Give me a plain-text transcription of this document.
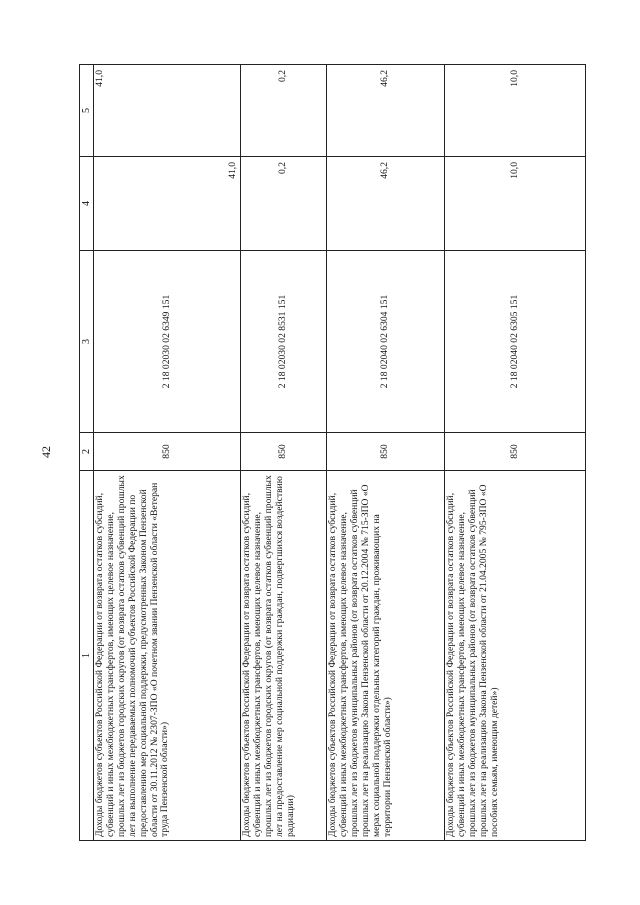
42
1	2	3	4	5
Доходы бюджетов субъектов Российской Федерации от возврата остатков субсидий, субвенций и иных межбюджетных трансфертов, имеющих целевое назначение, прошлых лет из бюджетов городских округов (от возврата остатков субвенций прошлых лет на выполнение передаваемых полномочий субъектов Российской Федерации по предоставлению мер социальной поддержки, предусмотренных Законом Пензенской области от 30.11.2012 № 2307-ЗПО «О почетном звании Пензенской области «Ветеран труда Пензенской области»)	850	2 18 02030 02 6349 151	41,0	41,0
Доходы бюджетов субъектов Российской Федерации от возврата остатков субсидий, субвенций и иных межбюджетных трансфертов, имеющих целевое назначение, прошлых лет из бюджетов городских округов (от возврата остатков субвенций прошлых лет на предоставление мер социальной поддержки граждан, подвергшихся воздействию радиации)	850	2 18 02030 02 8531 151	0,2	0,2
Доходы бюджетов субъектов Российской Федерации от возврата остатков субсидий, субвенций и иных межбюджетных трансфертов, имеющих целевое назначение, прошлых лет из бюджетов муниципальных районов (от возврата остатков субвенций прошлых лет на реализацию Закона Пензенской области от 20.12.2004 № 715-ЗПО «О мерах социальной поддержки отдельных категорий граждан, проживающих на территории Пензенской области»)	850	2 18 02040 02 6304 151	46,2	46,2
Доходы бюджетов субъектов Российской Федерации от возврата остатков субсидий, субвенций и иных межбюджетных трансфертов, имеющих целевое назначение, прошлых лет из бюджетов муниципальных районов (от возврата остатков субвенций прошлых лет на реализацию Закона Пензенской области от 21.04.2005 № 795-ЗПО «О пособиях семьям, имеющим детей»)	850	2 18 02040 02 6305 151	10,0	10,0
